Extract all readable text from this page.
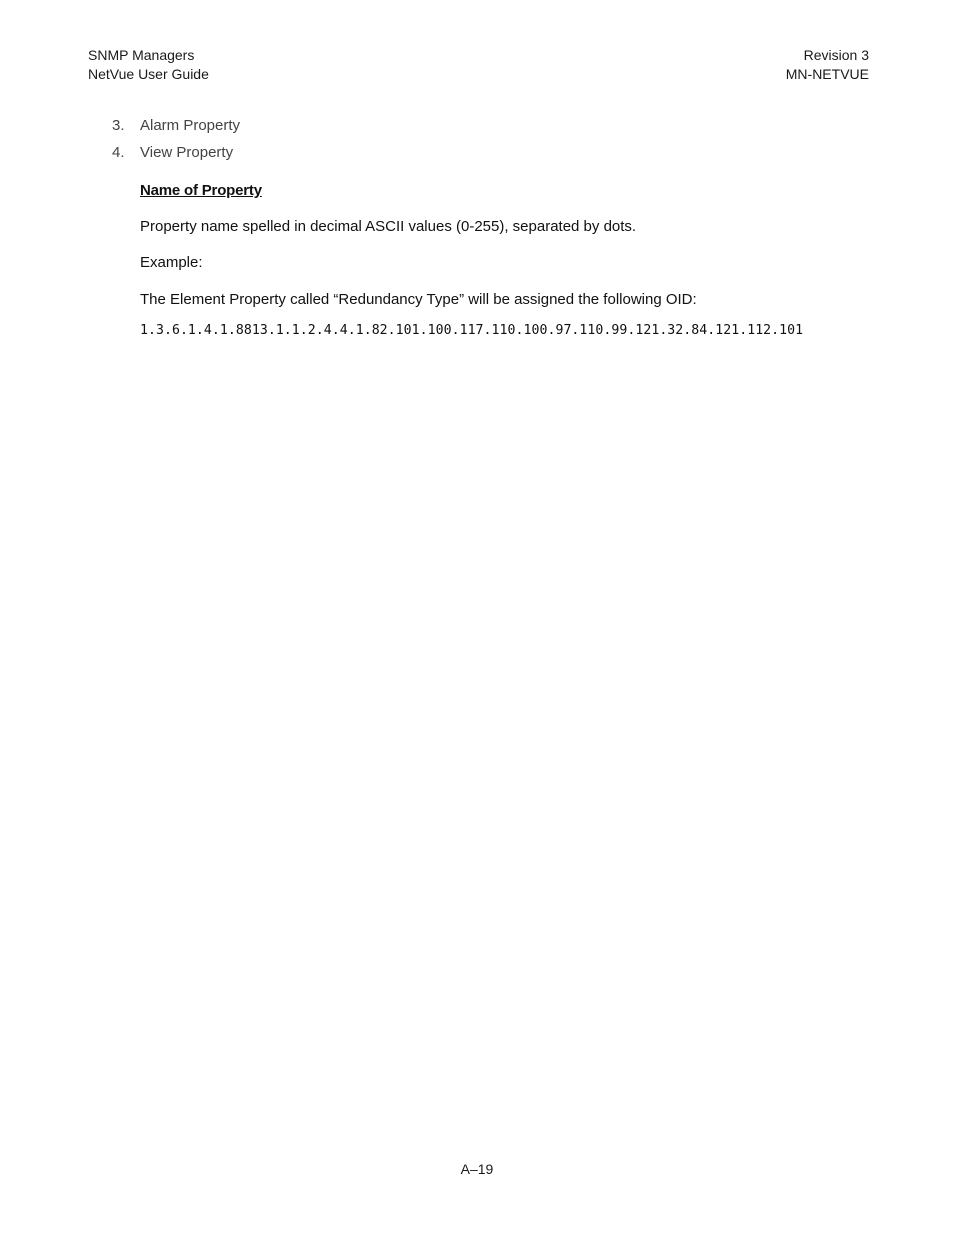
SNMP Managers
NetVue User Guide
Revision 3
MN-NETVUE
3.	Alarm Property
4.	View Property
Name of Property
Property name spelled in decimal ASCII values (0-255), separated by dots.
Example:
The Element Property called “Redundancy Type” will be assigned the following OID:
1.3.6.1.4.1.8813.1.1.2.4.4.1.82.101.100.117.110.100.97.110.99.121.32.84.121.112.101
A–19
